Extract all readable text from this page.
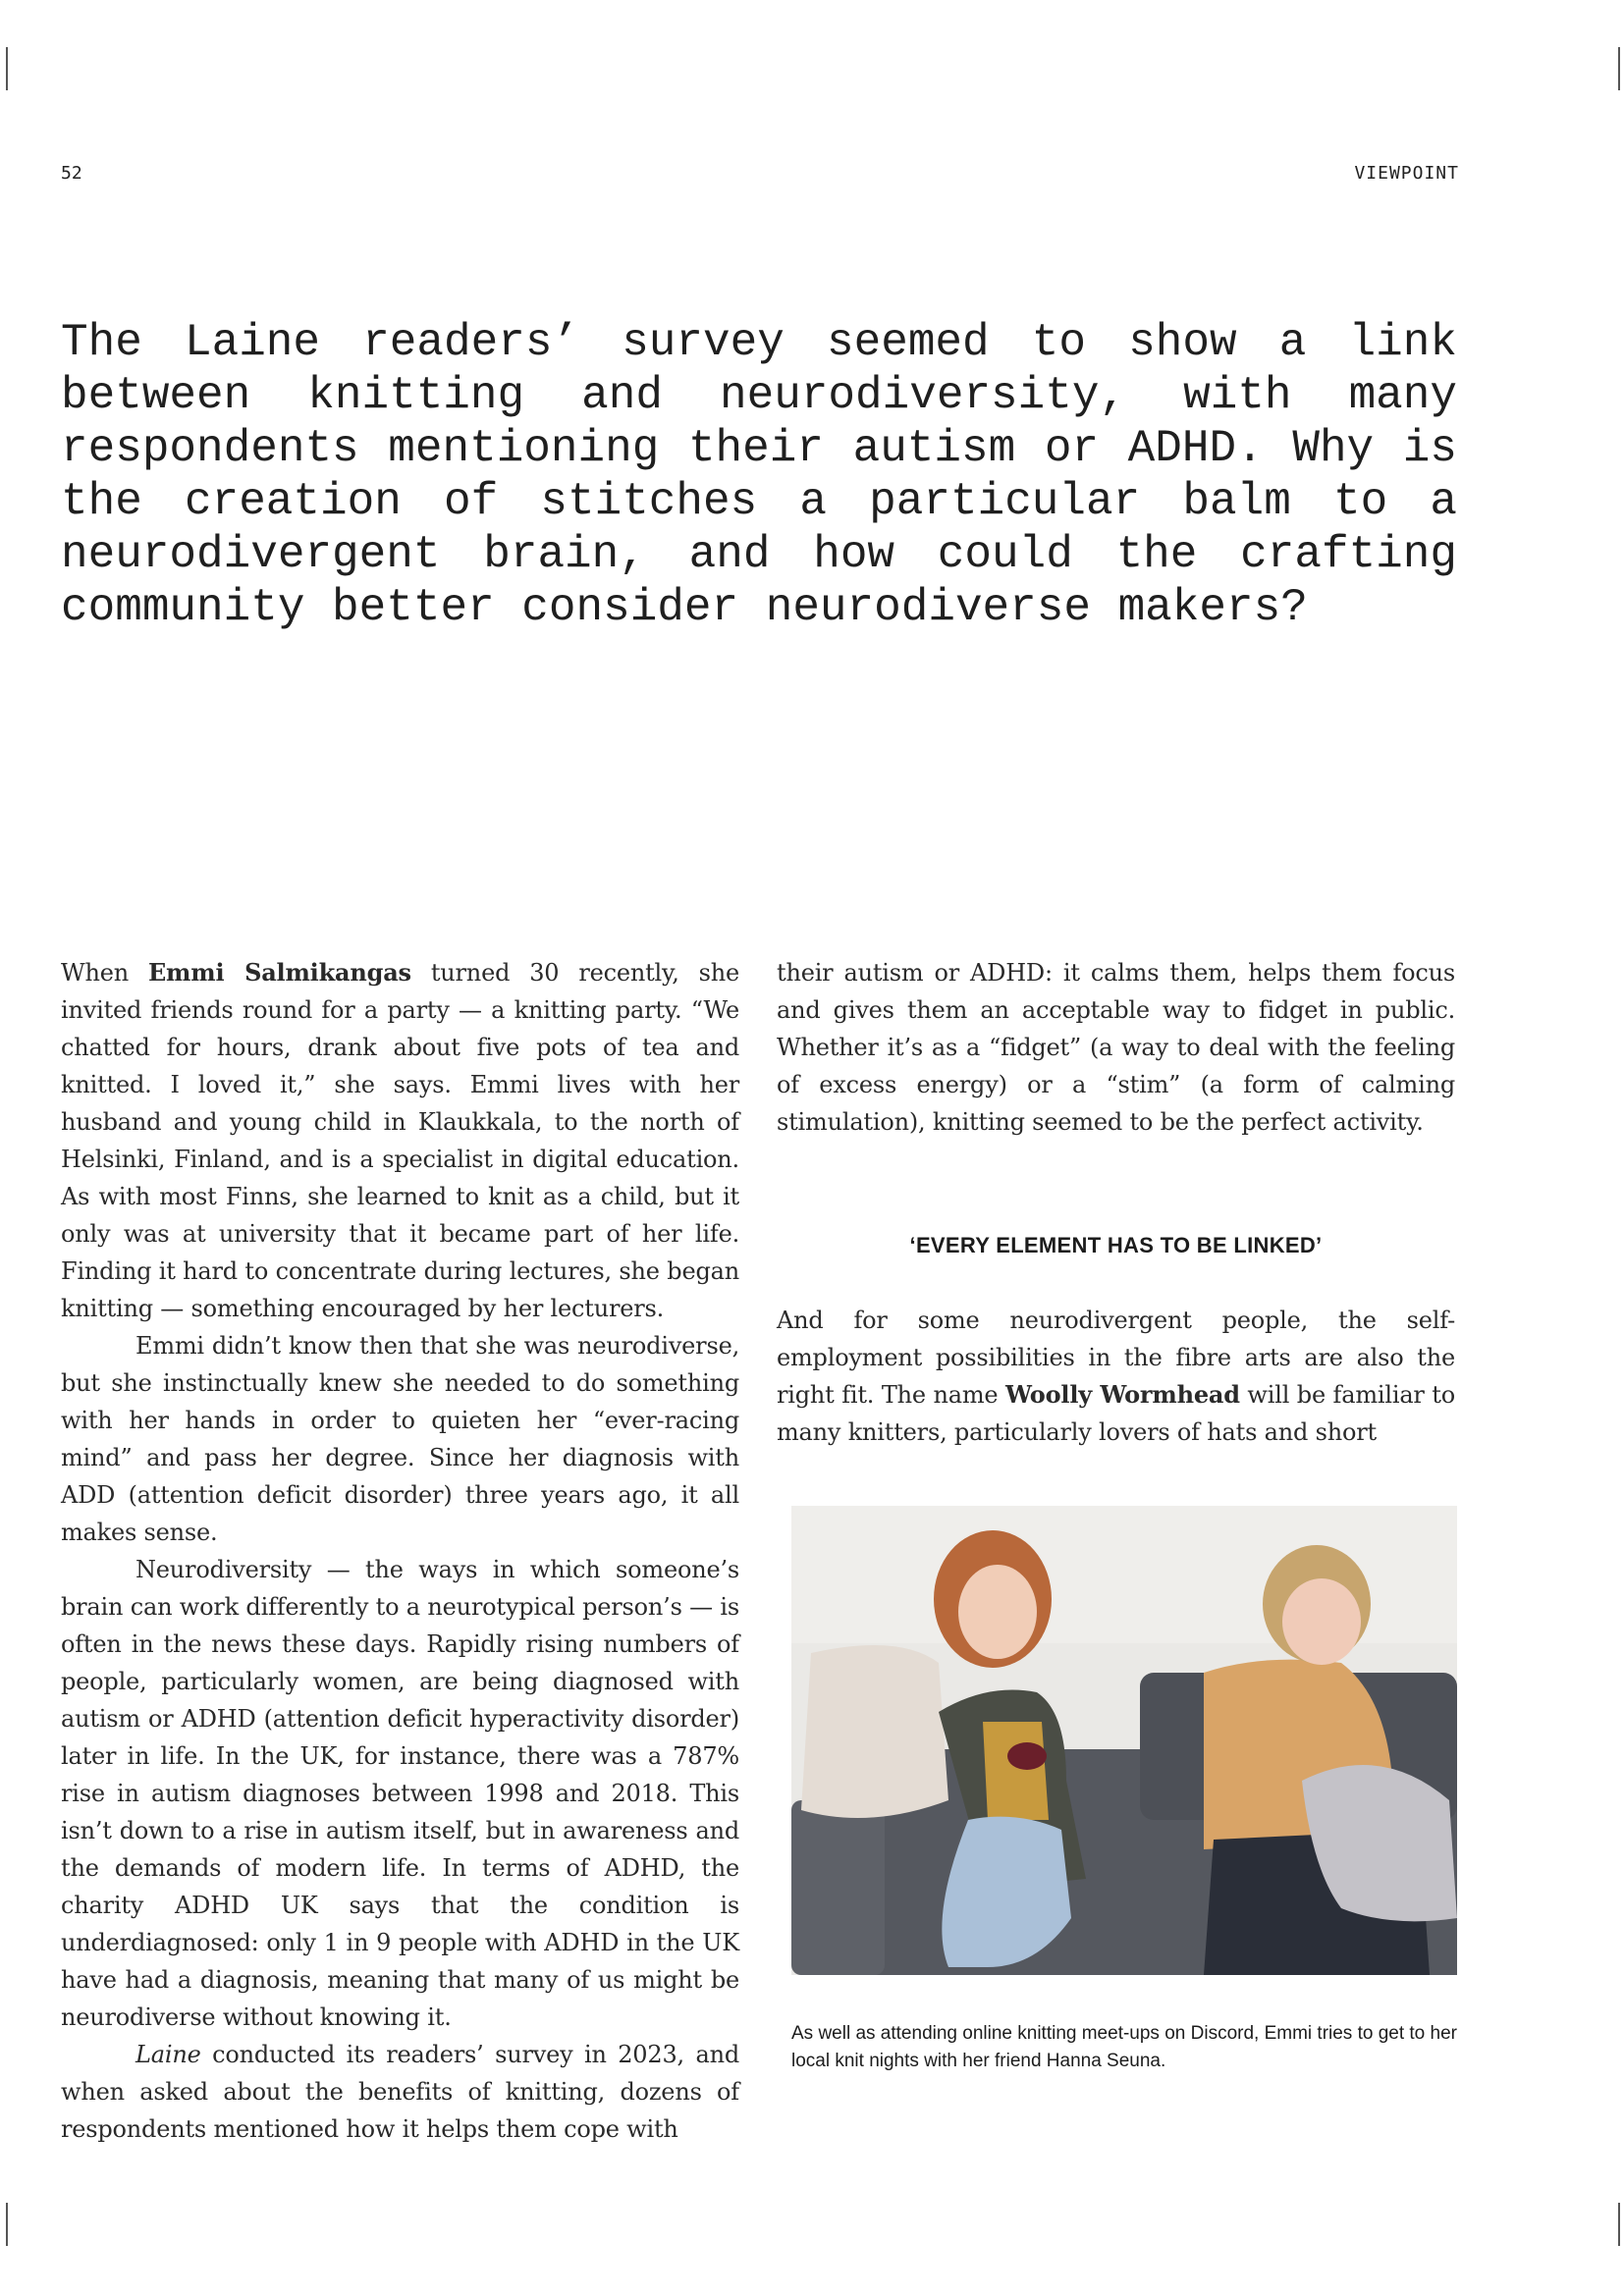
52	VIEWPOINT

The Laine readers’ survey seemed to show a link between knitting and neurodiversity, with many respondents mentioning their autism or ADHD. Why is the creation of stitches a particular balm to a neurodivergent brain, and how could the crafting community better consider neurodiverse makers?

When Emmi Salmikangas turned 30 recently, she invited friends round for a party — a knitting party. “We chatted for hours, drank about five pots of tea and knitted. I loved it,” she says. Emmi lives with her husband and young child in Klaukkala, to the north of Helsinki, Finland, and is a specialist in digital education. As with most Finns, she learned to knit as a child, but it only was at university that it became part of her life. Finding it hard to concentrate during lectures, she began knitting — something encouraged by her lecturers.

Emmi didn’t know then that she was neurodiverse, but she instinctually knew she needed to do something with her hands in order to quieten her “ever-racing mind” and pass her degree. Since her diagnosis with ADD (attention deficit disorder) three years ago, it all makes sense.

Neurodiversity — the ways in which someone’s brain can work differently to a neurotypical person’s — is often in the news these days. Rapidly rising numbers of people, particularly women, are being diagnosed with autism or ADHD (attention deficit hyperactivity disorder) later in life. In the UK, for instance, there was a 787% rise in autism diagnoses between 1998 and 2018. This isn’t down to a rise in autism itself, but in awareness and the demands of modern life. In terms of ADHD, the charity ADHD UK says that the condition is underdiagnosed: only 1 in 9 people with ADHD in the UK have had a diagnosis, meaning that many of us might be neurodiverse without knowing it.

Laine conducted its readers’ survey in 2023, and when asked about the benefits of knitting, dozens of respondents mentioned how it helps them cope with

their autism or ADHD: it calms them, helps them focus and gives them an acceptable way to fidget in public. Whether it’s as a “fidget” (a way to deal with the feeling of excess energy) or a “stim” (a form of calming stimulation), knitting seemed to be the perfect activity.

‘EVERY ELEMENT HAS TO BE LINKED’

And for some neurodivergent people, the self-employment possibilities in the fibre arts are also the right fit. The name Woolly Wormhead will be familiar to many knitters, particularly lovers of hats and short

As well as attending online knitting meet-ups on Discord, Emmi tries to get to her local knit nights with her friend Hanna Seuna.
